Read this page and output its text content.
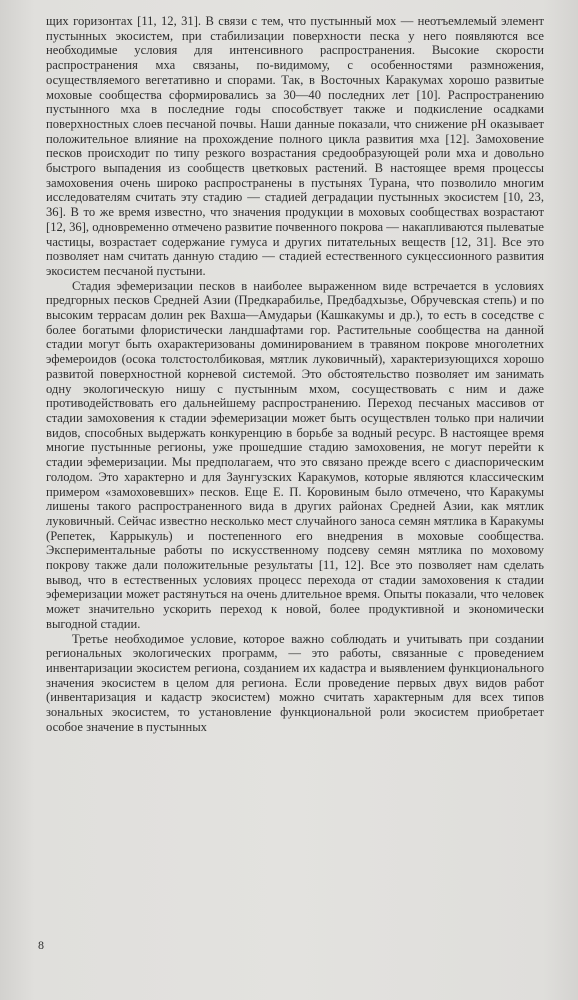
щих горизонтах [11, 12, 31]. В связи с тем, что пустынный мох — неотъемлемый элемент пустынных экосистем, при стабилизации поверхности песка у него появляются все необходимые условия для интенсивного распространения. Высокие скорости распространения мха связаны, по-видимому, с особенностями размножения, осуществляемого вегетативно и спорами. Так, в Восточных Каракумах хорошо развитые моховые сообщества сформировались за 30—40 последних лет [10]. Распространению пустынного мха в последние годы способствует также и подкисление осадками поверхностных слоев песчаной почвы. Наши данные показали, что снижение pH оказывает положительное влияние на прохождение полного цикла развития мха [12]. Замоховение песков происходит по типу резкого возрастания средообразующей роли мха и довольно быстрого выпадения из сообществ цветковых растений. В настоящее время процессы замоховения очень широко распространены в пустынях Турана, что позволило многим исследователям считать эту стадию — стадией деградации пустынных экосистем [10, 23, 36]. В то же время известно, что значения продукции в моховых сообществах возрастают [12, 36], одновременно отмечено развитие почвенного покрова — накапливаются пылеватые частицы, возрастает содержание гумуса и других питательных веществ [12, 31]. Все это позволяет нам считать данную стадию — стадией естественного сукцессионного развития экосистем песчаной пустыни.

Стадия эфемеризации песков в наиболее выраженном виде встречается в условиях предгорных песков Средней Азии (Предкарабилье, Предбадхызье, Обручевская степь) и по высоким террасам долин рек Вахша—Амударьи (Кашкакумы и др.), то есть в соседстве с более богатыми флористически ландшафтами гор. Растительные сообщества на данной стадии могут быть охарактеризованы доминированием в травяном покрове многолетних эфемероидов (осока толстостолбиковая, мятлик луковичный), характеризующихся хорошо развитой поверхностной корневой системой. Это обстоятельство позволяет им занимать одну экологическую нишу с пустынным мхом, сосуществовать с ним и даже противодействовать его дальнейшему распространению. Переход песчаных массивов от стадии замоховения к стадии эфемеризации может быть осуществлен только при наличии видов, способных выдержать конкуренцию в борьбе за водный ресурс. В настоящее время многие пустынные регионы, уже прошедшие стадию замоховения, не могут перейти к стадии эфемеризации. Мы предполагаем, что это связано прежде всего с диаспорическим голодом. Это характерно и для Заунгузских Каракумов, которые являются классическим примером «замоховевших» песков. Еще Е. П. Коровиным было отмечено, что Каракумы лишены такого распространенного вида в других районах Средней Азии, как мятлик луковичный. Сейчас известно несколько мест случайного заноса семян мятлика в Каракумы (Репетек, Каррыкуль) и постепенного его внедрения в моховые сообщества. Экспериментальные работы по искусственному подсеву семян мятлика по моховому покрову также дали положительные результаты [11, 12]. Все это позволяет нам сделать вывод, что в естественных условиях процесс перехода от стадии замоховения к стадии эфемеризации может растянуться на очень длительное время. Опыты показали, что человек может значительно ускорить переход к новой, более продуктивной и экономически выгодной стадии.

Третье необходимое условие, которое важно соблюдать и учитывать при создании региональных экологических программ, — это работы, связанные с проведением инвентаризации экосистем региона, созданием их кадастра и выявлением функционального значения экосистем в целом для региона. Если проведение первых двух видов работ (инвентаризация и кадастр экосистем) можно считать характерным для всех типов зональных экосистем, то установление функциональной роли экосистем приобретает особое значение в пустынных

8
